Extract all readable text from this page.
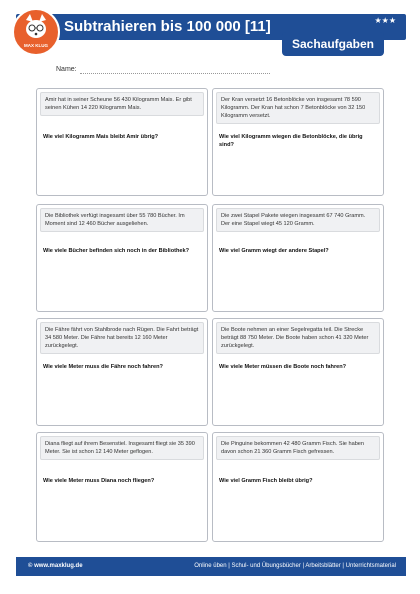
Subtrahieren bis 100 000 [11]	★★★
Sachaufgaben
MAX KLUG
Name:
Amir hat in seiner Scheune 56 430 Kilogramm Mais. Er gibt seinen Kühen 14 220 Kilogramm Mais.
Wie viel Kilogramm Mais bleibt Amir übrig?
Der Kran versetzt 16 Betonblöcke von insgesamt 78 590 Kilogramm. Der Kran hat schon 7 Betonblöcke von 32 150 Kilogramm versetzt.
Wie viel Kilogramm wiegen die Betonblöcke, die übrig sind?
Die Bibliothek verfügt insgesamt über 55 780 Bücher. Im Moment sind 12 460 Bücher ausgeliehen.
Wie viele Bücher befinden sich noch in der Bibliothek?
Die zwei Stapel Pakete wiegen insgesamt 67 740 Gramm. Der eine Stapel wiegt 45 120 Gramm.
Wie viel Gramm wiegt der andere Stapel?
Die Fähre fährt von Stahlbrode nach Rügen. Die Fahrt beträgt 34 580 Meter. Die Fähre hat bereits 12 160 Meter zurückgelegt.
Wie viele Meter muss die Fähre noch fahren?
Die Boote nehmen an einer Segelregatta teil. Die Strecke beträgt 88 750 Meter. Die Boote haben schon 41 320 Meter zurückgelegt.
Wie viele Meter müssen die Boote noch fahren?
Diana fliegt auf ihrem Besenstiel. Insgesamt fliegt sie 35 390 Meter. Sie ist schon 12 140 Meter geflogen.
Wie viele Meter muss Diana noch fliegen?
Die Pinguine bekommen 42 480 Gramm Fisch. Sie haben davon schon 21 360 Gramm Fisch gefressen.
Wie viel Gramm Fisch bleibt übrig?
© www.maxklug.de	Online üben | Schul- und Übungsbücher | Arbeitsblätter | Unterrichtsmaterial
